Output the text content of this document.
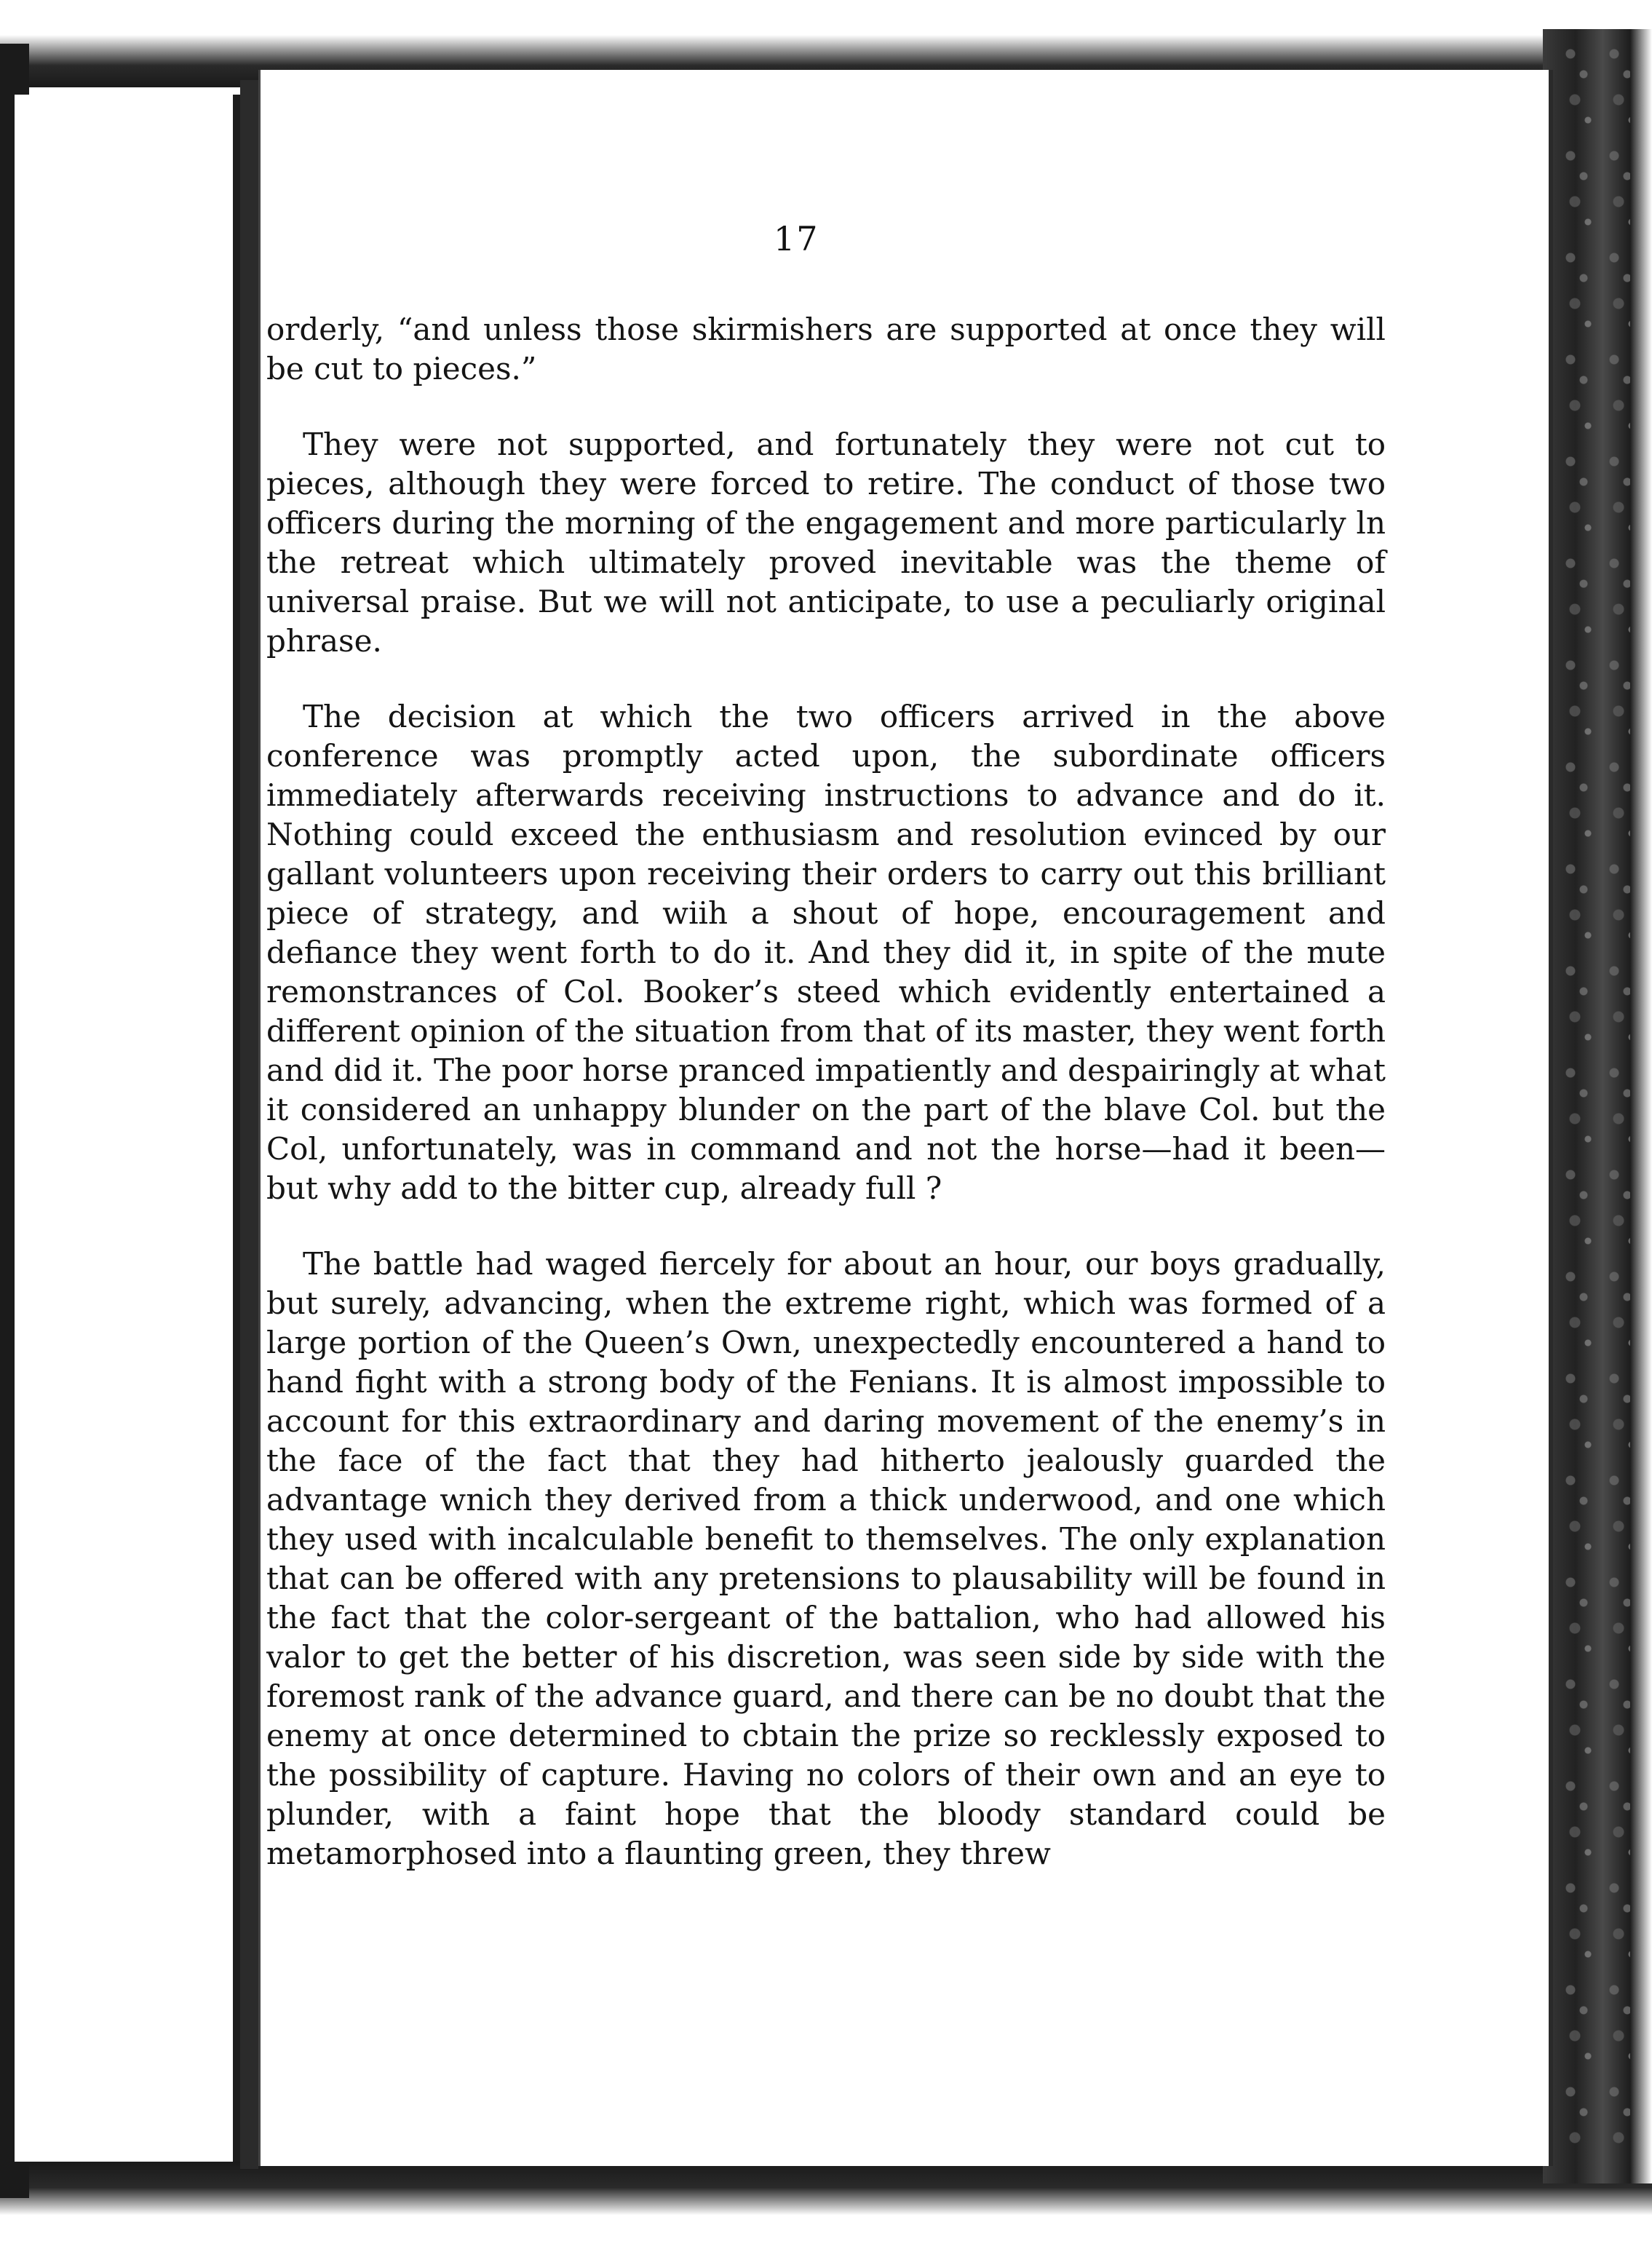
17

orderly, “and unless those skirmishers are supported at once they will be cut to pieces.”

They were not supported, and fortunately they were not cut to pieces, although they were forced to retire. The conduct of those two officers during the morning of the engagement and more particularly ln the retreat which ultimately proved inevitable was the theme of universal praise. But we will not anticipate, to use a peculiarly original phrase.

The decision at which the two officers arrived in the above conference was promptly acted upon, the subordinate officers immediately afterwards receiving instructions to advance and do it. Nothing could exceed the enthusiasm and resolution evinced by our gallant volunteers upon receiving their orders to carry out this brilliant piece of strategy, and wiih a shout of hope, encouragement and defiance they went forth to do it. And they did it, in spite of the mute remonstrances of Col. Booker’s steed which evidently entertained a different opinion of the situation from that of its master, they went forth and did it. The poor horse pranced impatiently and despairingly at what it considered an unhappy blunder on the part of the blave Col. but the Col, unfortunately, was in command and not the horse—had it been—but why add to the bitter cup, already full ?

The battle had waged fiercely for about an hour, our boys gradually, but surely, advancing, when the extreme right, which was formed of a large portion of the Queen’s Own, unexpectedly encountered a hand to hand fight with a strong body of the Fenians. It is almost impossible to account for this extraordinary and daring movement of the enemy’s in the face of the fact that they had hitherto jealously guarded the advantage wnich they derived from a thick underwood, and one which they used with incalculable benefit to themselves. The only explanation that can be offered with any pretensions to plausability will be found in the fact that the color-sergeant of the battalion, who had allowed his valor to get the better of his discretion, was seen side by side with the foremost rank of the advance guard, and there can be no doubt that the enemy at once determined to cbtain the prize so recklessly exposed to the possibility of capture. Having no colors of their own and an eye to plunder, with a faint hope that the bloody standard could be metamorphosed into a flaunting green, they threw
